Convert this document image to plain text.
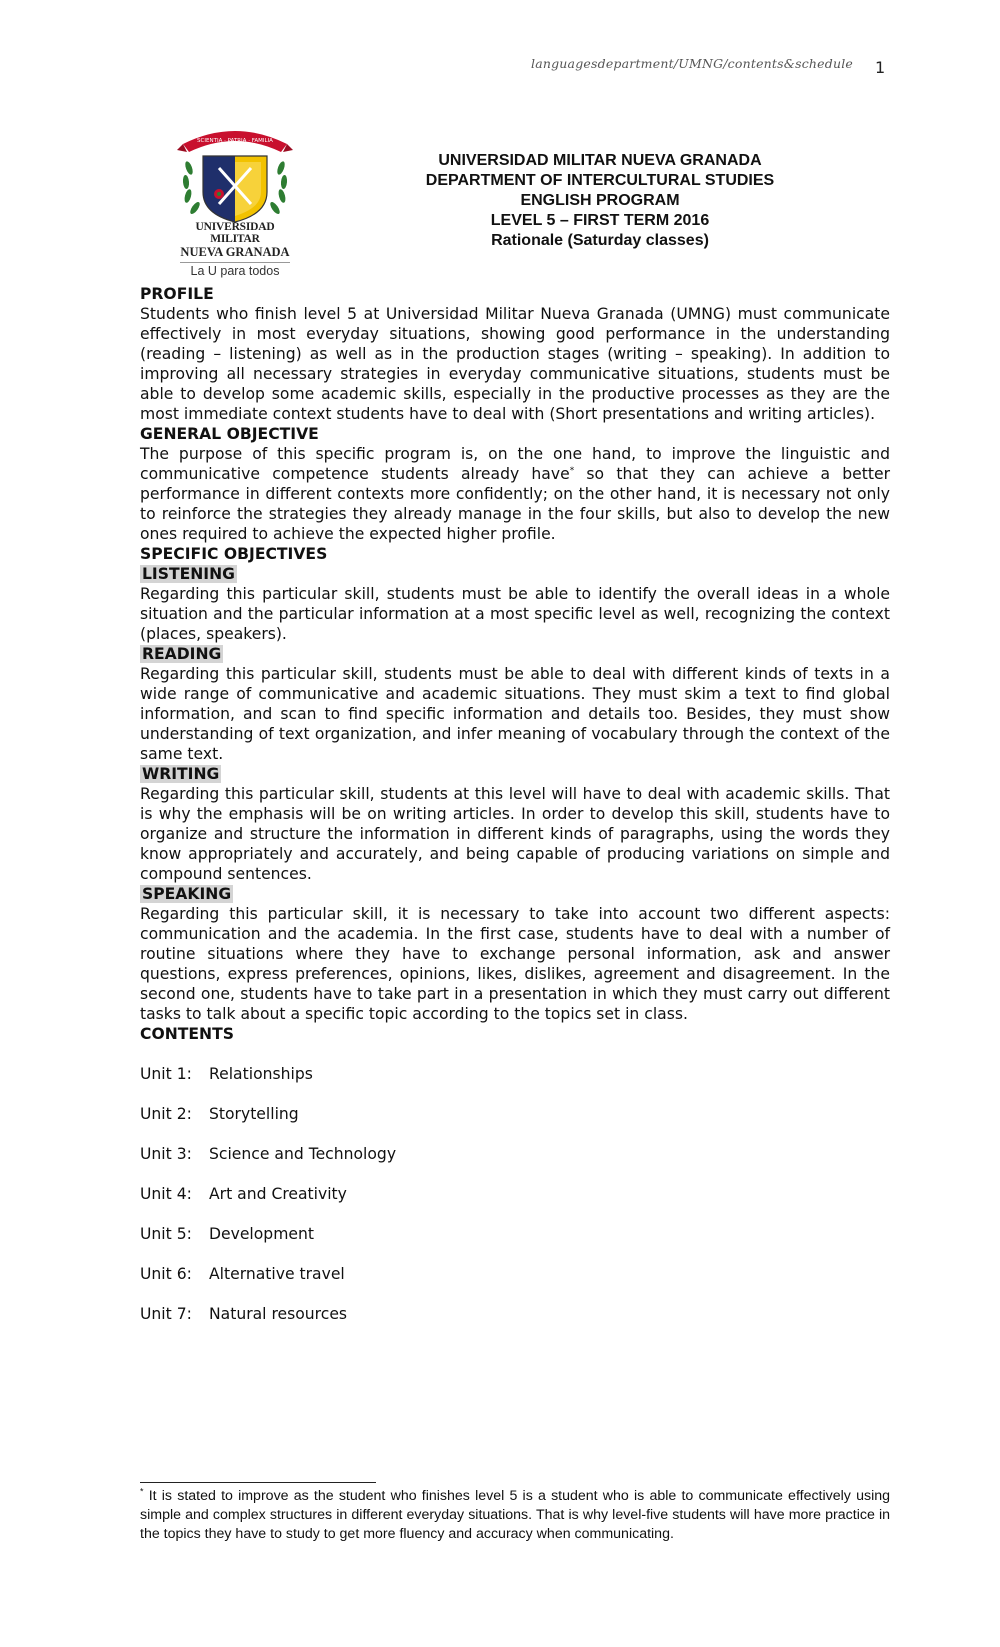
languagesdepartment/UMNG/contents&schedule 1
SCIENTIA · PATRIA · FAMILIA
UNIVERSIDAD MILITAR
NUEVA GRANADA
La U para todos
UNIVERSIDAD MILITAR NUEVA GRANADA
DEPARTMENT OF INTERCULTURAL STUDIES
ENGLISH PROGRAM
LEVEL 5 – FIRST TERM 2016
Rationale (Saturday classes)

PROFILE

Students who finish level 5 at Universidad Militar Nueva Granada (UMNG) must communicate effectively in most everyday situations, showing good performance in the understanding (reading – listening) as well as in the production stages (writing – speaking). In addition to improving all necessary strategies in everyday communicative situations, students must be able to develop some academic skills, especially in the productive processes as they are the most immediate context students have to deal with (Short presentations and writing articles).

GENERAL OBJECTIVE

The purpose of this specific program is, on the one hand, to improve the linguistic and communicative competence students already have* so that they can achieve a better performance in different contexts more confidently; on the other hand, it is necessary not only to reinforce the strategies they already manage in the four skills, but also to develop the new ones required to achieve the expected higher profile.

SPECIFIC OBJECTIVES

LISTENING

Regarding this particular skill, students must be able to identify the overall ideas in a whole situation and the particular information at a most specific level as well, recognizing the context (places, speakers).

READING

Regarding this particular skill, students must be able to deal with different kinds of texts in a wide range of communicative and academic situations. They must skim a text to find global information, and scan to find specific information and details too. Besides, they must show understanding of text organization, and infer meaning of vocabulary through the context of the same text.

WRITING

Regarding this particular skill, students at this level will have to deal with academic skills. That is why the emphasis will be on writing articles. In order to develop this skill, students have to organize and structure the information in different kinds of paragraphs, using the words they know appropriately and accurately, and being capable of producing variations on simple and compound sentences.

SPEAKING

Regarding this particular skill, it is necessary to take into account two different aspects: communication and the academia. In the first case, students have to deal with a number of routine situations where they have to exchange personal information, ask and answer questions, express preferences, opinions, likes, dislikes, agreement and disagreement. In the second one, students have to take part in a presentation in which they must carry out different tasks to talk about a specific topic according to the topics set in class.

CONTENTS

Unit 1:	Relationships
Unit 2:	Storytelling
Unit 3:	Science and Technology
Unit 4:	Art and Creativity
Unit 5:	Development
Unit 6:	Alternative travel
Unit 7:	Natural resources
* It is stated to improve as the student who finishes level 5 is a student who is able to communicate effectively using simple and complex structures in different everyday situations. That is why level-five students will have more practice in the topics they have to study to get more fluency and accuracy when communicating.
